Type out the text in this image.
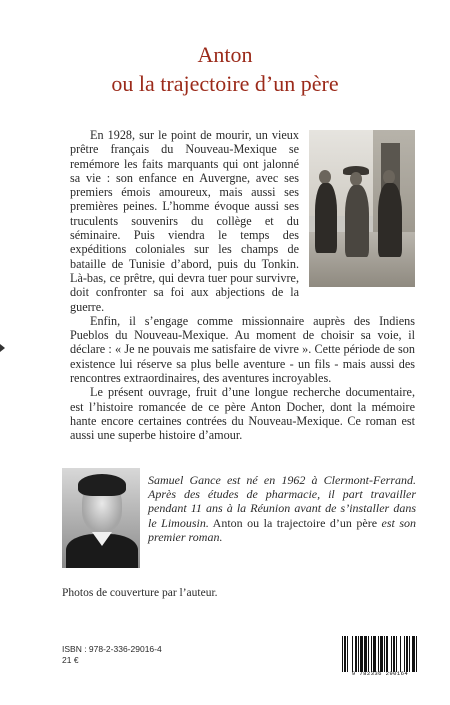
Anton
ou la trajectoire d’un père

En 1928, sur le point de mourir, un vieux prêtre français du Nouveau-Mexique se remémore les faits marquants qui ont jalonné sa vie : son enfance en Auvergne, avec ses premiers émois amoureux, mais aussi ses premières peines. L’homme évoque aussi ses truculents souvenirs du collège et du séminaire. Puis viendra le temps des expéditions coloniales sur les champs de bataille de Tunisie d’abord, puis du Tonkin. Là-bas, ce prêtre, qui devra tuer pour survivre, doit confronter sa foi aux abjections de la guerre.

Enfin, il s’engage comme missionnaire auprès des Indiens Pueblos du Nouveau-Mexique. Au moment de choisir sa voie, il déclare : « Je ne pouvais me satisfaire de vivre ». Cette période de son existence lui réserve sa plus belle aventure - un fils - mais aussi des rencontres extraordinaires, des aventures incroyables.

Le présent ouvrage, fruit d’une longue recherche documentaire, est l’histoire romancée de ce père Anton Docher, dont la mémoire hante encore certaines contrées du Nouveau-Mexique. Ce roman est aussi une superbe histoire d’amour.

Samuel Gance est né en 1962 à Clermont-Ferrand. Après des études de pharmacie, il part travailler pendant 11 ans à la Réunion avant de s’installer dans le Limousin. Anton ou la trajectoire d’un père est son premier roman.

Photos de couverture par l’auteur.

ISBN : 978-2-336-29016-4
21 €

9 782336 290164
